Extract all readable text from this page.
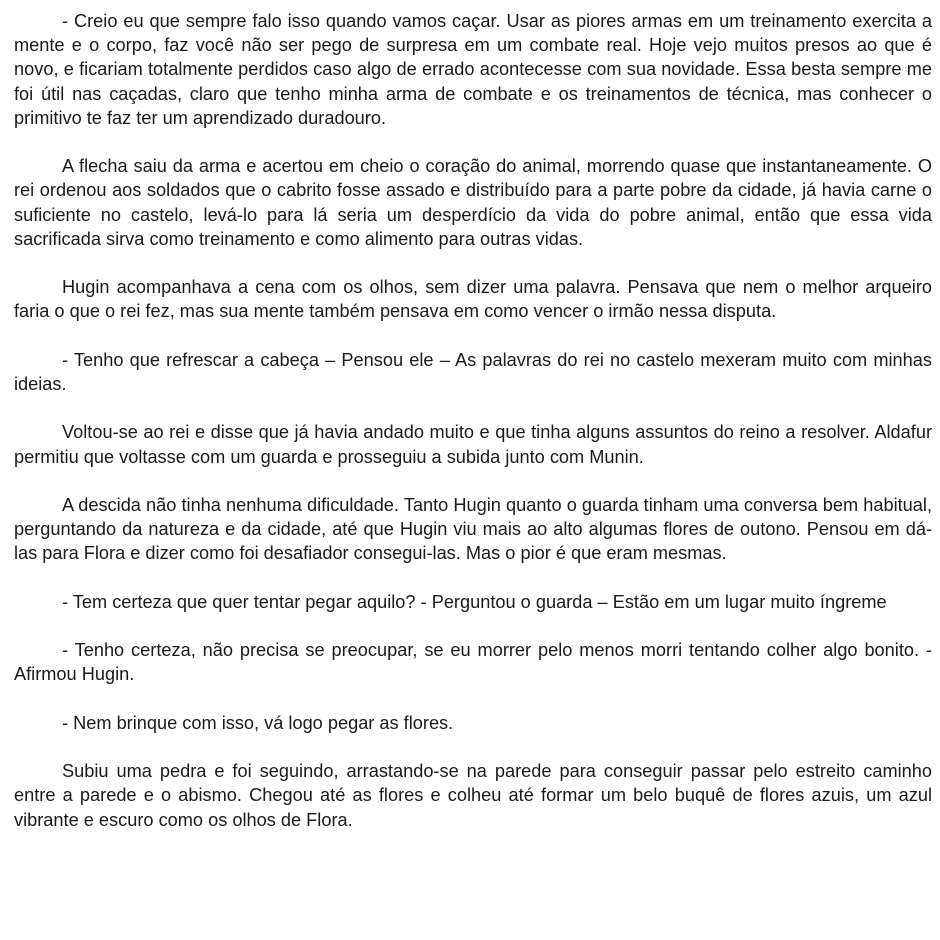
- Creio eu que sempre falo isso quando vamos caçar. Usar as piores armas em um treinamento exercita a mente e o corpo, faz você não ser pego de surpresa em um combate real. Hoje vejo muitos presos ao que é novo, e ficariam totalmente perdidos caso algo de errado acontecesse com sua novidade. Essa besta sempre me foi útil nas caçadas, claro que tenho minha arma de combate e os treinamentos de técnica, mas conhecer o primitivo te faz ter um aprendizado duradouro.

A flecha saiu da arma e acertou em cheio o coração do animal, morrendo quase que instantaneamente. O rei ordenou aos soldados que o cabrito fosse assado e distribuído para a parte pobre da cidade, já havia carne o suficiente no castelo, levá-lo para lá seria um desperdício da vida do pobre animal, então que essa vida sacrificada sirva como treinamento e como alimento para outras vidas.

Hugin acompanhava a cena com os olhos, sem dizer uma palavra. Pensava que nem o melhor arqueiro faria o que o rei fez, mas sua mente também pensava em como vencer o irmão nessa disputa.

- Tenho que refrescar a cabeça – Pensou ele – As palavras do rei no castelo mexeram muito com minhas ideias.

Voltou-se ao rei e disse que já havia andado muito e que tinha alguns assuntos do reino a resolver. Aldafur permitiu que voltasse com um guarda e prosseguiu a subida junto com Munin.

A descida não tinha nenhuma dificuldade. Tanto Hugin quanto o guarda tinham uma conversa bem habitual, perguntando da natureza e da cidade, até que Hugin viu mais ao alto algumas flores de outono. Pensou em dá-las para Flora e dizer como foi desafiador consegui-las. Mas o pior é que eram mesmas.

- Tem certeza que quer tentar pegar aquilo? - Perguntou o guarda – Estão em um lugar muito íngreme

- Tenho certeza, não precisa se preocupar, se eu morrer pelo menos morri tentando colher algo bonito. - Afirmou Hugin.

- Nem brinque com isso, vá logo pegar as flores.

Subiu uma pedra e foi seguindo, arrastando-se na parede para conseguir passar pelo estreito caminho entre a parede e o abismo. Chegou até as flores e colheu até formar um belo buquê de flores azuis, um azul vibrante e escuro como os olhos de Flora.
